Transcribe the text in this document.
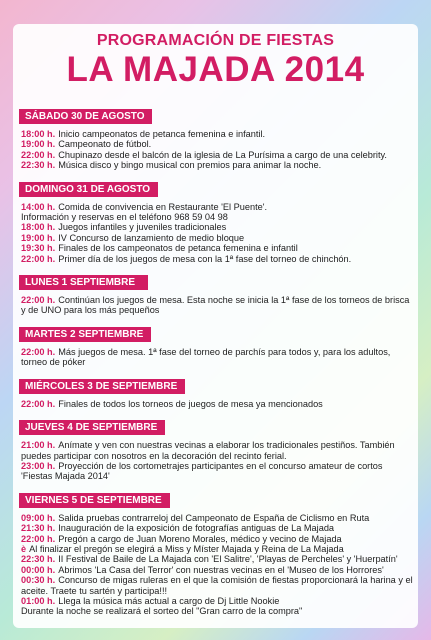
PROGRAMACIÓN DE FIESTAS
LA MAJADA 2014
SÁBADO 30 DE AGOSTO
18:00 h. Inicio campeonatos de petanca femenina e infantil.
19:00 h. Campeonato de fútbol.
22:00 h. Chupinazo desde el balcón de la iglesia de La Purísima a cargo de una celebrity.
22:30 h. Música disco y bingo musical con premios para animar la noche.
DOMINGO 31 DE AGOSTO
14:00 h. Comida de convivencia en Restaurante 'El Puente'.
Información y reservas en el teléfono 968 59 04 98
18:00 h. Juegos infantiles y juveniles tradicionales
19:00 h. IV Concurso de lanzamiento de medio bloque
19:30 h. Finales de los campeonatos de petanca femenina e infantil
22:00 h. Primer día de los juegos de mesa con la 1ª fase del torneo de chinchón.
LUNES 1 SEPTIEMBRE
22:00 h. Continúan los juegos de mesa. Esta noche se inicia la 1ª fase de los torneos de brisca y de UNO para los más pequeños
MARTES 2 SEPTIEMBRE
22:00 h. Más juegos de mesa. 1ª fase del torneo de parchís para todos y, para los adultos, torneo de póker
MIÉRCOLES 3 DE SEPTIEMBRE
22:00 h. Finales de todos los torneos de juegos de mesa ya mencionados
JUEVES 4 DE SEPTIEMBRE
21:00 h. Anímate y ven con nuestras vecinas a elaborar los tradicionales pestiños. También puedes participar con nosotros en la decoración del recinto ferial.
23:00 h. Proyección de los cortometrajes participantes en el concurso amateur de cortos 'Fiestas Majada 2014'
VIERNES 5 DE SEPTIEMBRE
09:00 h. Salida pruebas contrarreloj del Campeonato de España de Ciclismo en Ruta
21:30 h. Inauguración de la exposición de fotografías antiguas de La Majada
22:00 h. Pregón a cargo de Juan Moreno Morales, médico y vecino de Majada
è Al finalizar el pregón se elegirá a Miss y Míster Majada y Reina de La Majada
22:30 h. II Festival de Baile de La Majada con 'El Salitre', 'Playas de Percheles' y 'Huerpatín'
00:00 h. Abrimos 'La Casa del Terror' con nuestras vecinas en el 'Museo de los Horrores'
00:30 h. Concurso de migas ruleras en el que la comisión de fiestas proporcionará la harina y el aceite. Traete tu sartén y participa!!!
01:00 h. Llega la música más actual a cargo de Dj Little Nookie
Durante la noche se realizará el sorteo del "Gran carro de la compra"
